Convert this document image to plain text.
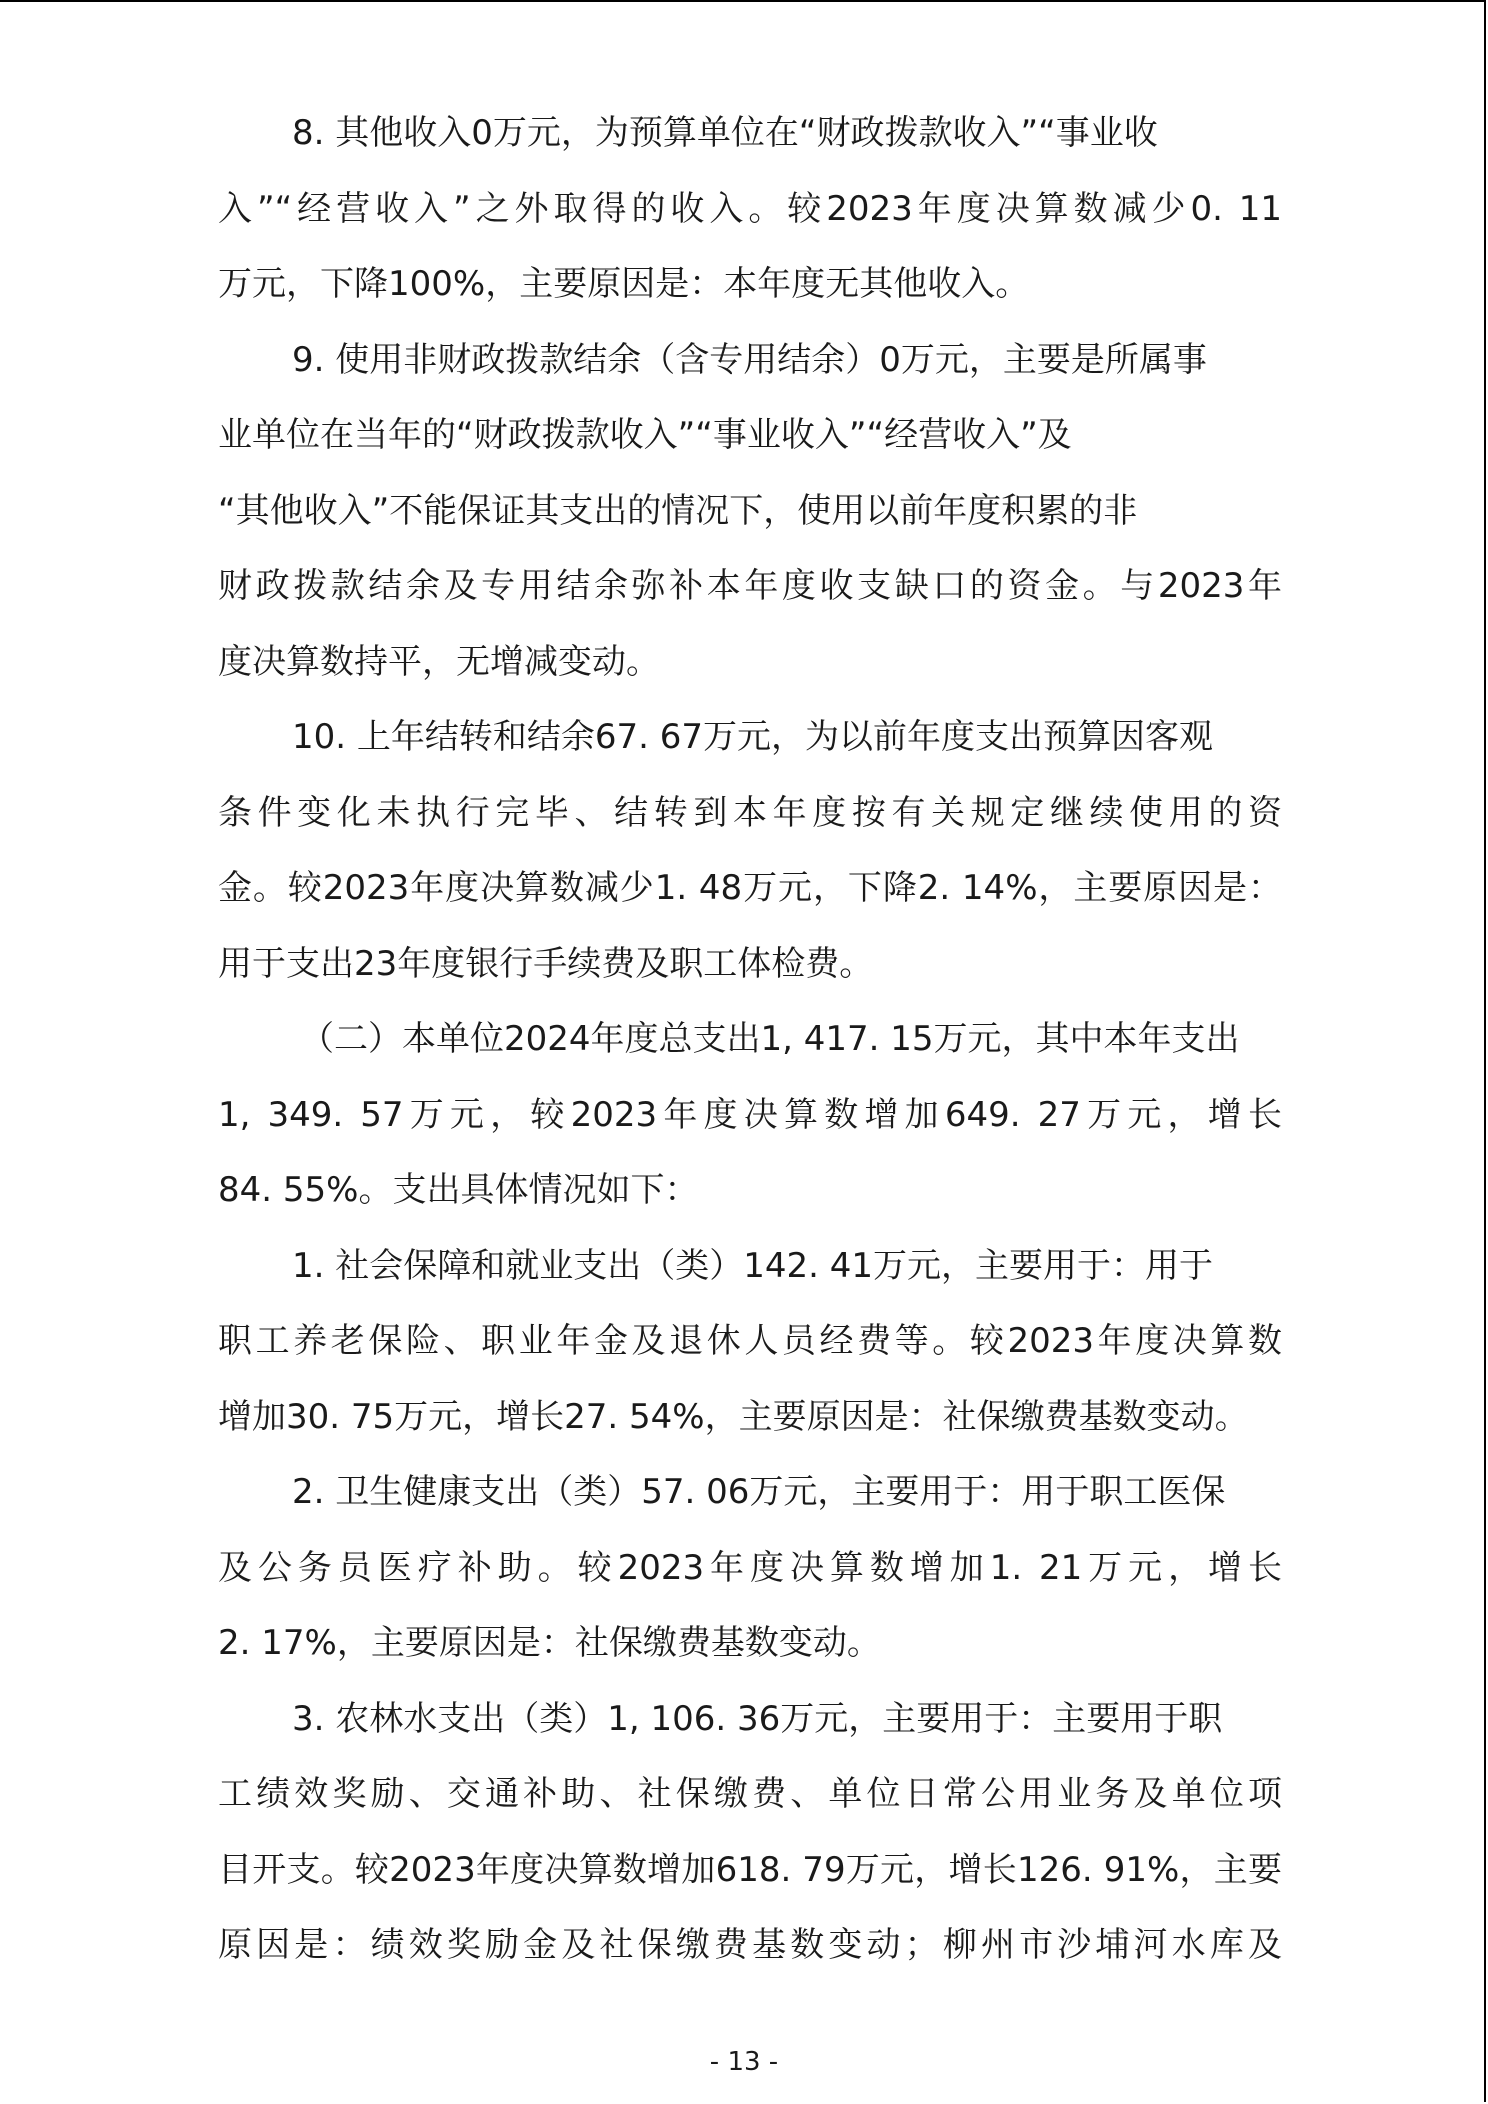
8. 其他收入0万元，为预算单位在“财政拨款收入”“事业收
入”“经营收入”之外取得的收入。较2023年度决算数减少0. 11
万元，下降100%，主要原因是：本年度无其他收入。
9. 使用非财政拨款结余（含专用结余）0万元，主要是所属事
业单位在当年的“财政拨款收入”“事业收入”“经营收入”及
“其他收入”不能保证其支出的情况下，使用以前年度积累的非
财政拨款结余及专用结余弥补本年度收支缺口的资金。与2023年
度决算数持平，无增减变动。
10. 上年结转和结余67. 67万元，为以前年度支出预算因客观
条件变化未执行完毕、结转到本年度按有关规定继续使用的资
金。较2023年度决算数减少1. 48万元，下降2. 14%，主要原因是：
用于支出23年度银行手续费及职工体检费。
（二）本单位2024年度总支出1, 417. 15万元，其中本年支出
1, 349. 57万元，较2023年度决算数增加649. 27万元，增长
84. 55%。支出具体情况如下：
1. 社会保障和就业支出（类）142. 41万元，主要用于：用于
职工养老保险、职业年金及退休人员经费等。较2023年度决算数
增加30. 75万元，增长27. 54%，主要原因是：社保缴费基数变动。
2. 卫生健康支出（类）57. 06万元，主要用于：用于职工医保
及公务员医疗补助。较2023年度决算数增加1. 21万元，增长
2. 17%，主要原因是：社保缴费基数变动。
3. 农林水支出（类）1, 106. 36万元，主要用于：主要用于职
工绩效奖励、交通补助、社保缴费、单位日常公用业务及单位项
目开支。较2023年度决算数增加618. 79万元，增长126. 91%，主要
原因是：绩效奖励金及社保缴费基数变动；柳州市沙埔河水库及
- 13 -
